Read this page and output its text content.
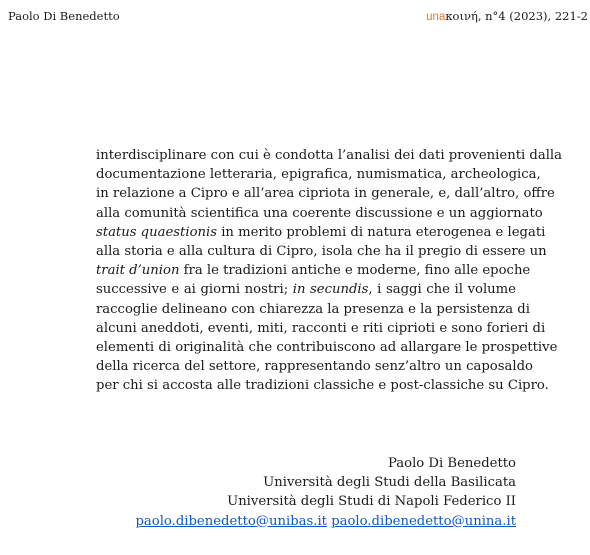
Paolo Di Benedetto	unaκοινή, n°4 (2023), 221-2
interdisciplinare con cui è condotta l’analisi dei dati provenienti dalla
documentazione letteraria, epigrafica, numismatica, archeologica,
in relazione a Cipro e all’area cipriota in generale, e, dall’altro, offre
alla comunità scientifica una coerente discussione e un aggiornato
status quaestionis in merito problemi di natura eterogenea e legati
alla storia e alla cultura di Cipro, isola che ha il pregio di essere un
trait d’union fra le tradizioni antiche e moderne, fino alle epoche
successive e ai giorni nostri; in secundis, i saggi che il volume
raccoglie delineano con chiarezza la presenza e la persistenza di
alcuni aneddoti, eventi, miti, racconti e riti ciprioti e sono forieri di
elementi di originalità che contribuiscono ad allargare le prospettive
della ricerca del settore, rappresentando senz’altro un caposaldo
per chi si accosta alle tradizioni classiche e post-classiche su Cipro.
Paolo Di Benedetto
Università degli Studi della Basilicata
Università degli Studi di Napoli Federico II
paolo.dibenedetto@unibas.it paolo.dibenedetto@unina.it
